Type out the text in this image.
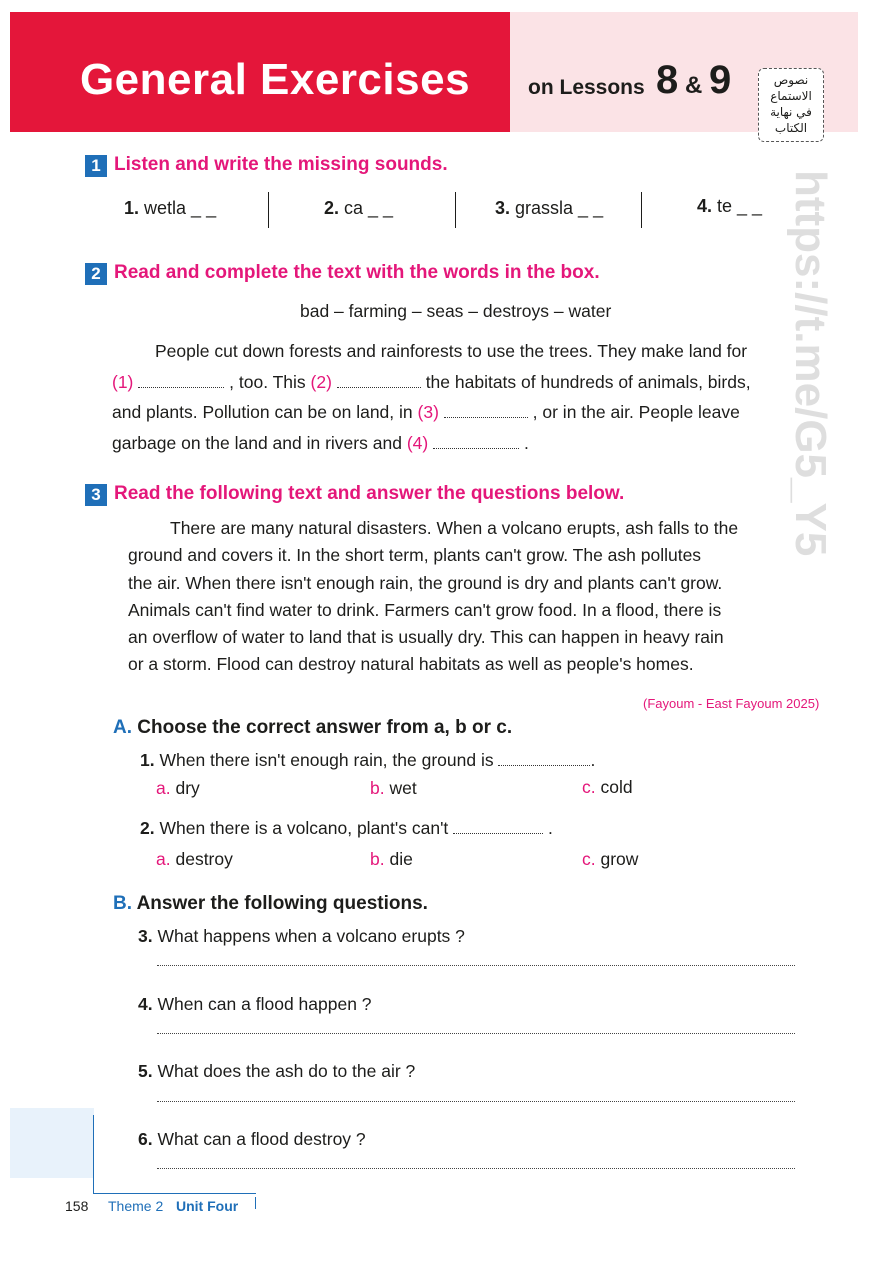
General Exercises	on Lessons 8 & 9	نصوص
الاستماع
في نهاية
الكتاب
1 Listen and write the missing sounds.
1. wetla _ _	2. ca _ _	3. grassla _ _	4. te _ _
2 Read and complete the text with the words in the box.
bad – farming – seas – destroys – water
People cut down forests and rainforests to use the trees. They make land for
(1)	, too. This (2)	the habitats of hundreds of animals, birds,
and plants. Pollution can be on land, in (3)	, or in the air. People leave
garbage on the land and in rivers and (4)	.
3 Read the following text and answer the questions below.
There are many natural disasters. When a volcano erupts, ash falls to the
ground and covers it. In the short term, plants can't grow. The ash pollutes
the air. When there isn't enough rain, the ground is dry and plants can't grow.
Animals can't find water to drink. Farmers can't grow food. In a flood, there is
an overflow of water to land that is usually dry. This can happen in heavy rain
or a storm. Flood can destroy natural habitats as well as people's homes.
(Fayoum - East Fayoum 2025)
A. Choose the correct answer from a, b or c.
1. When there isn't enough rain, the ground is	.
a. dry	b. wet	c. cold
2. When there is a volcano, plant's can't	.
a. destroy	b. die	c. grow
B. Answer the following questions.
3. What happens when a volcano erupts ?
4. When can a flood happen ?
5. What does the ash do to the air ?
6. What can a flood destroy ?
158 Theme 2 Unit Four
https://t.me/G5_Y5
